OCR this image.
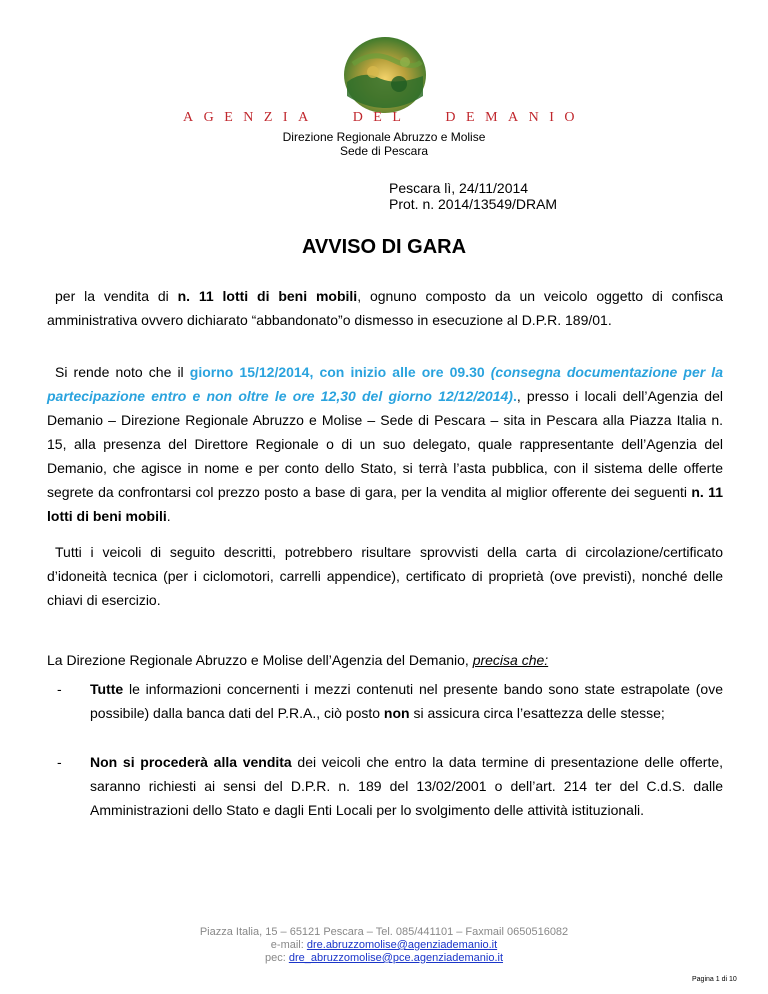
AGENZIA DEL DEMANIO
Direzione Regionale Abruzzo e Molise
Sede di Pescara
Pescara lì, 24/11/2014
Prot. n. 2014/13549/DRAM
AVVISO DI GARA
per la vendita di n. 11 lotti di beni mobili, ognuno composto da un veicolo oggetto di confisca amministrativa ovvero dichiarato “abbandonato”o dismesso in esecuzione al D.P.R. 189/01.
Si rende noto che il giorno 15/12/2014, con inizio alle ore 09.30 (consegna documentazione per la partecipazione entro e non oltre le ore 12,30 del giorno 12/12/2014)., presso i locali dell’Agenzia del Demanio – Direzione Regionale Abruzzo e Molise – Sede di Pescara – sita in Pescara alla Piazza Italia n. 15, alla presenza del Direttore Regionale o di un suo delegato, quale rappresentante dell’Agenzia del Demanio, che agisce in nome e per conto dello Stato, si terrà l’asta pubblica, con il sistema delle offerte segrete da confrontarsi col prezzo posto a base di gara, per la vendita al miglior offerente dei seguenti n. 11 lotti di beni mobili.
Tutti i veicoli di seguito descritti, potrebbero risultare sprovvisti della carta di circolazione/certificato d’idoneità tecnica (per i ciclomotori, carrelli appendice), certificato di proprietà (ove previsti), nonché delle chiavi di esercizio.
La Direzione Regionale Abruzzo e Molise dell’Agenzia del Demanio, precisa che:
- Tutte le informazioni concernenti i mezzi contenuti nel presente bando sono state estrapolate (ove possibile) dalla banca dati del P.R.A., ciò posto non si assicura circa l’esattezza delle stesse;
- Non si procederà alla vendita dei veicoli che entro la data termine di presentazione delle offerte, saranno richiesti ai sensi del D.P.R. n. 189 del 13/02/2001 o dell’art. 214 ter del C.d.S. dalle Amministrazioni dello Stato e dagli Enti Locali per lo svolgimento delle attività istituzionali.
Piazza Italia, 15 – 65121 Pescara – Tel. 085/441101 – Faxmail 0650516082
e-mail: dre.abruzzomolise@agenziademanio.it
pec: dre_abruzzomolise@pce.agenziademanio.it
Pagina 1 di 10
